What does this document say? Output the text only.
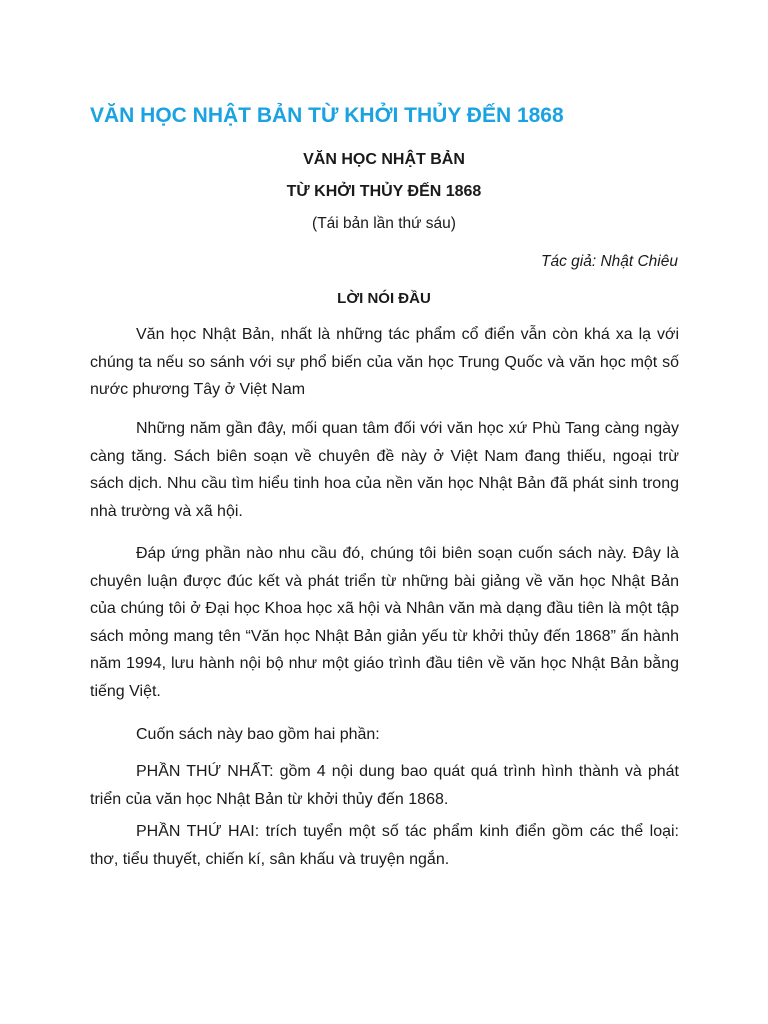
VĂN HỌC NHẬT BẢN TỪ KHỞI THỦY ĐẾN 1868
VĂN HỌC NHẬT BẢN
TỪ KHỞI THỦY ĐẾN 1868
(Tái bản lần thứ sáu)
Tác giả: Nhật Chiêu
LỜI NÓI ĐẦU

Văn học Nhật Bản, nhất là những tác phẩm cổ điển vẫn còn khá xa lạ với chúng ta nếu so sánh với sự phổ biến của văn học Trung Quốc và văn học một số nước phương Tây ở Việt Nam

Những năm gần đây, mối quan tâm đối với văn học xứ Phù Tang càng ngày càng tăng. Sách biên soạn về chuyên đề này ở Việt Nam đang thiếu, ngoại trừ sách dịch. Nhu cầu tìm hiểu tinh hoa của nền văn học Nhật Bản đã phát sinh trong nhà trường và xã hội.

Đáp ứng phần nào nhu cầu đó, chúng tôi biên soạn cuốn sách này. Đây là chuyên luận được đúc kết và phát triển từ những bài giảng về văn học Nhật Bản của chúng tôi ở Đại học Khoa học xã hội và Nhân văn mà dạng đầu tiên là một tập sách mỏng mang tên “Văn học Nhật Bản giản yếu từ khởi thủy đến 1868” ấn hành năm 1994, lưu hành nội bộ như một giáo trình đầu tiên về văn học Nhật Bản bằng tiếng Việt.

Cuốn sách này bao gồm hai phần:

PHẦN THỨ NHẤT: gồm 4 nội dung bao quát quá trình hình thành và phát triển của văn học Nhật Bản từ khởi thủy đến 1868.

PHẦN THỨ HAI: trích tuyển một số tác phẩm kinh điển gồm các thể loại: thơ, tiểu thuyết, chiến kí, sân khấu và truyện ngắn.
